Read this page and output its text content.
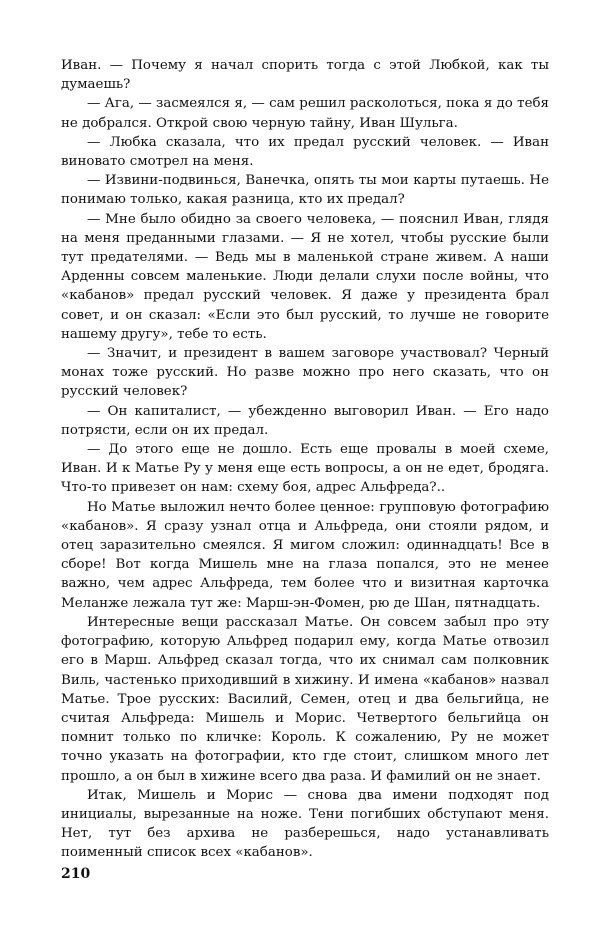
Иван. — Почему я начал спорить тогда с этой Любкой, как ты думаешь?

— Ага, — засмеялся я, — сам решил расколоться, пока я до тебя не добрался. Открой свою черную тайну, Иван Шульга.

— Любка сказала, что их предал русский человек. — Иван виновато смотрел на меня.

— Извини-подвинься, Ванечка, опять ты мои карты путаешь. Не понимаю только, какая разница, кто их предал?

— Мне было обидно за своего человека, — пояснил Иван, глядя на меня преданными глазами. — Я не хотел, чтобы русские были тут предателями. — Ведь мы в маленькой стране живем. А наши Арденны совсем маленькие. Люди делали слухи после войны, что «кабанов» предал русский человек. Я даже у президента брал совет, и он сказал: «Если это был русский, то лучше не говорите нашему другу», тебе то есть.

— Значит, и президент в вашем заговоре участвовал? Черный монах тоже русский. Но разве можно про него сказать, что он русский человек?

— Он капиталист, — убежденно выговорил Иван. — Его надо потрясти, если он их предал.

— До этого еще не дошло. Есть еще провалы в моей схеме, Иван. И к Матье Ру у меня еще есть вопросы, а он не едет, бродяга. Что-то привезет он нам: схему боя, адрес Альфреда?..

Но Матье выложил нечто более ценное: групповую фотографию «кабанов». Я сразу узнал отца и Альфреда, они стояли рядом, и отец заразительно смеялся. Я мигом сложил: одиннадцать! Все в сборе! Вот когда Мишель мне на глаза попался, это не менее важно, чем адрес Альфреда, тем более что и визитная карточка Меланже лежала тут же: Марш-эн-Фомен, рю де Шан, пятнадцать.

Интересные вещи рассказал Матье. Он совсем забыл про эту фотографию, которую Альфред подарил ему, когда Матье отвозил его в Марш. Альфред сказал тогда, что их снимал сам полковник Виль, частенько приходивший в хижину. И имена «кабанов» назвал Матье. Трое русских: Василий, Семен, отец и два бельгийца, не считая Альфреда: Мишель и Морис. Четвертого бельгийца он помнит только по кличке: Король. К сожалению, Ру не может точно указать на фотографии, кто где стоит, слишком много лет прошло, а он был в хижине всего два раза. И фамилий он не знает.

Итак, Мишель и Морис — снова два имени подходят под инициалы, вырезанные на ноже. Тени погибших обступают меня. Нет, тут без архива не разберешься, надо устанавливать поименный список всех «кабанов».

210
